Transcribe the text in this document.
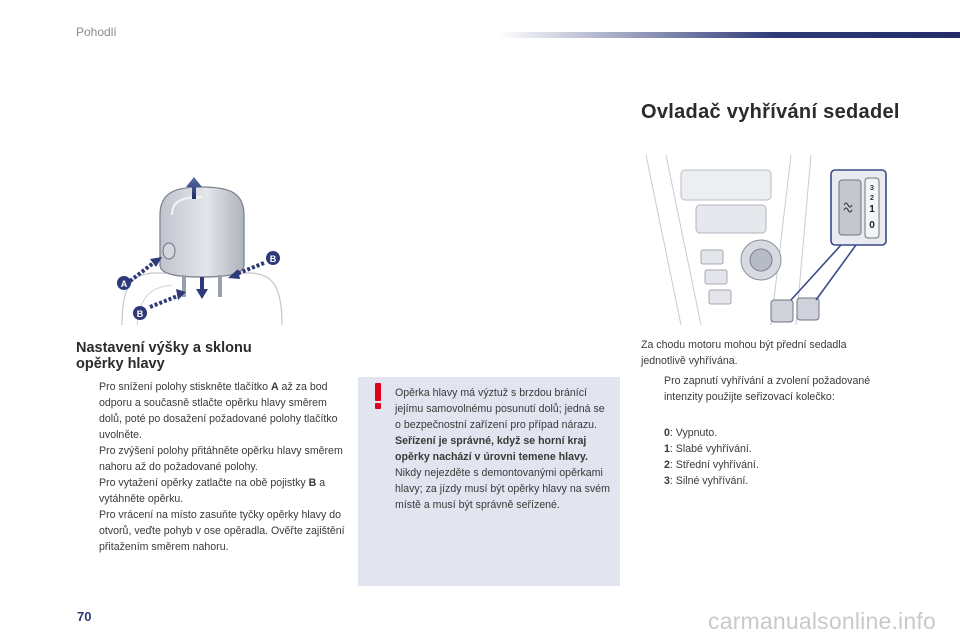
Pohodlí
A
B
B
Nastavení výšky a sklonu
opěrky hlavy
Pro snížení polohy stiskněte tlačítko A až za bod odporu a současně stlačte opěrku hlavy směrem dolů, poté po dosažení požadované polohy tlačítko uvolněte.
Pro zvýšení polohy přitáhněte opěrku hlavy směrem nahoru až do požadované polohy.
Pro vytažení opěrky zatlačte na obě pojistky B a vytáhněte opěrku.
Pro vrácení na místo zasuňte tyčky opěrky hlavy do otvorů, veďte pohyb v ose opěradla. Ověřte zajištění přitažením směrem nahoru.
Opěrka hlavy má výztuž s brzdou bránící jejímu samovolnému posunutí dolů; jedná se o bezpečnostní zařízení pro případ nárazu. Seřízení je správné, když se horní kraj opěrky nachází v úrovni temene hlavy. Nikdy nejezděte s demontovanými opěrkami hlavy; za jízdy musí být opěrky hlavy na svém místě a musí být správně seřízené.
Ovladač vyhřívání sedadel
3
2
1
0
Za chodu motoru mohou být přední sedadla jednotlivě vyhřívána.
Pro zapnutí vyhřívání a zvolení požadované intenzity použijte seřizovací kolečko:
0: Vypnuto.
1: Slabé vyhřívání.
2: Střední vyhřívání.
3: Silné vyhřívání.
70	carmanualsonline.info
